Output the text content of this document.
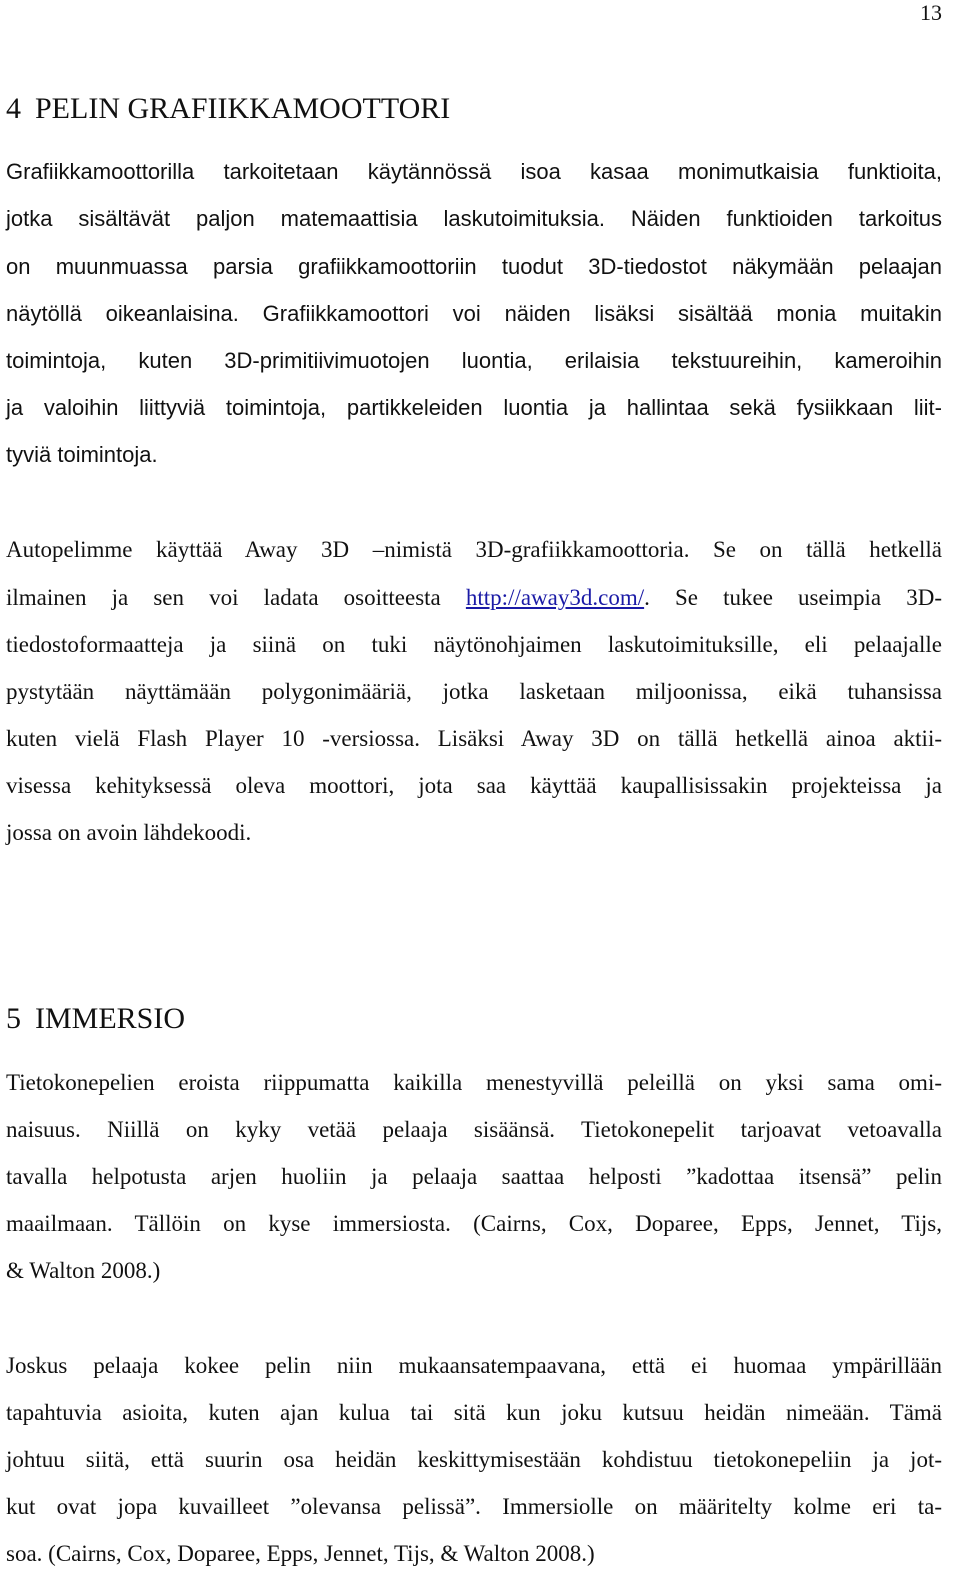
13
4 PELIN GRAFIIKKAMOOTTORI
Grafiikkamoottorilla tarkoitetaan käytännössä isoa kasaa monimutkaisia funktioita,
jotka sisältävät paljon matemaattisia laskutoimituksia. Näiden funktioiden tarkoitus
on muunmuassa parsia grafiikkamoottoriin tuodut 3D-tiedostot näkymään pelaajan
näytöllä oikeanlaisina. Grafiikkamoottori voi näiden lisäksi sisältää monia muitakin
toimintoja, kuten 3D-primitiivimuotojen luontia, erilaisia tekstuureihin, kameroihin
ja valoihin liittyviä toimintoja, partikkeleiden luontia ja hallintaa sekä fysiikkaan liit-
tyviä toimintoja.
Autopelimme käyttää Away 3D –nimistä 3D-grafiikkamoottoria. Se on tällä hetkellä
ilmainen ja sen voi ladata osoitteesta http://away3d.com/. Se tukee useimpia 3D-
tiedostoformaatteja ja siinä on tuki näytönohjaimen laskutoimituksille, eli pelaajalle
pystytään näyttämään polygonimääriä, jotka lasketaan miljoonissa, eikä tuhansissa
kuten vielä Flash Player 10 -versiossa. Lisäksi Away 3D on tällä hetkellä ainoa aktii-
visessa kehityksessä oleva moottori, jota saa käyttää kaupallisissakin projekteissa ja
jossa on avoin lähdekoodi.
5 IMMERSIO
Tietokonepelien eroista riippumatta kaikilla menestyvillä peleillä on yksi sama omi-
naisuus. Niillä on kyky vetää pelaaja sisäänsä. Tietokonepelit tarjoavat vetoavalla
tavalla helpotusta arjen huoliin ja pelaaja saattaa helposti ”kadottaa itsensä” pelin
maailmaan. Tällöin on kyse immersiosta. (Cairns, Cox, Doparee, Epps, Jennet, Tijs,
& Walton 2008.)
Joskus pelaaja kokee pelin niin mukaansatempaavana, että ei huomaa ympärillään
tapahtuvia asioita, kuten ajan kulua tai sitä kun joku kutsuu heidän nimeään. Tämä
johtuu siitä, että suurin osa heidän keskittymisestään kohdistuu tietokonepeliin ja jot-
kut ovat jopa kuvailleet ”olevansa pelissä”. Immersiolle on määritelty kolme eri ta-
soa. (Cairns, Cox, Doparee, Epps, Jennet, Tijs, & Walton 2008.)
